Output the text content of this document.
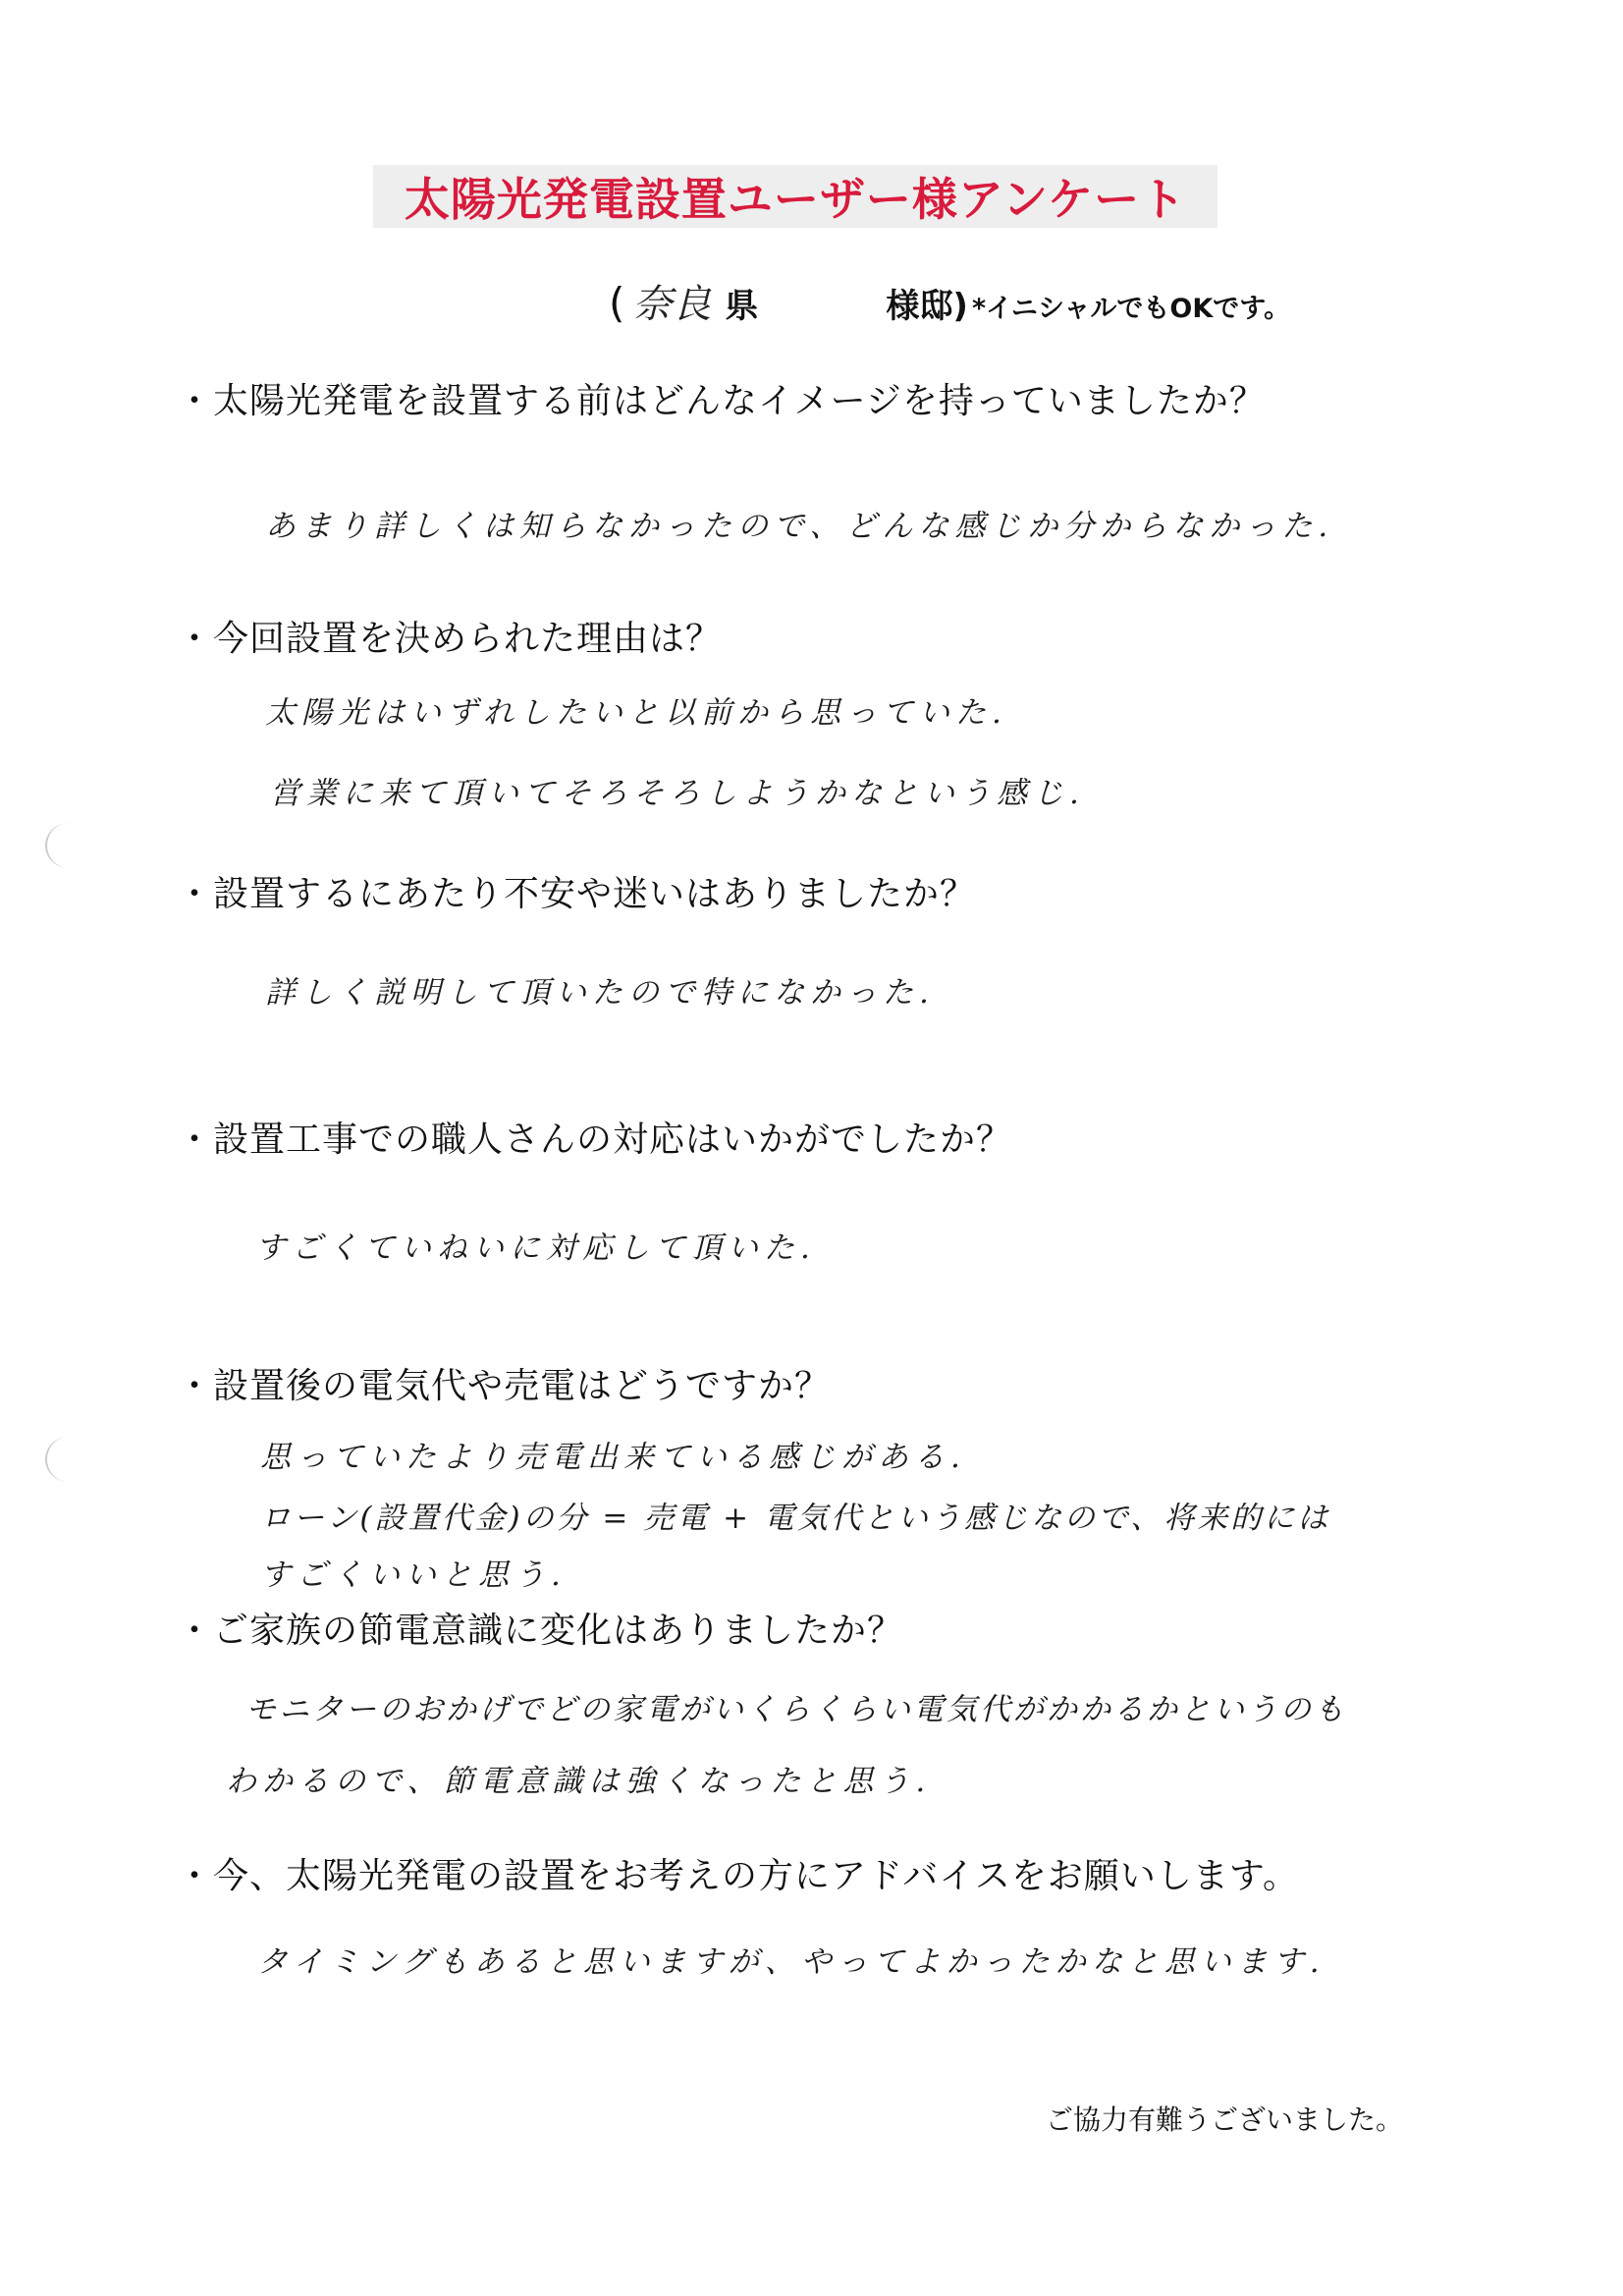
太陽光発電設置ユーザー様アンケート
( 奈良 県	様邸) *イニシャルでもOKです。
・太陽光発電を設置する前はどんなイメージを持っていましたか？
あまり詳しくは知らなかったので、どんな感じか分からなかった.
・今回設置を決められた理由は？
太陽光はいずれしたいと以前から思っていた.
営業に来て頂いてそろそろしようかなという感じ.
・設置するにあたり不安や迷いはありましたか？
詳しく説明して頂いたので特になかった.
・設置工事での職人さんの対応はいかがでしたか？
すごくていねいに対応して頂いた.
・設置後の電気代や売電はどうですか？
思っていたより売電出来ている感じがある.
ローン(設置代金)の分 = 売電 + 電気代という感じなので、将来的には
すごくいいと思う.
・ご家族の節電意識に変化はありましたか？
モニターのおかげでどの家電がいくらくらい電気代がかかるかというのも
わかるので、節電意識は強くなったと思う.
・今、太陽光発電の設置をお考えの方にアドバイスをお願いします。
タイミングもあると思いますが、やってよかったかなと思います.
ご協力有難うございました。
